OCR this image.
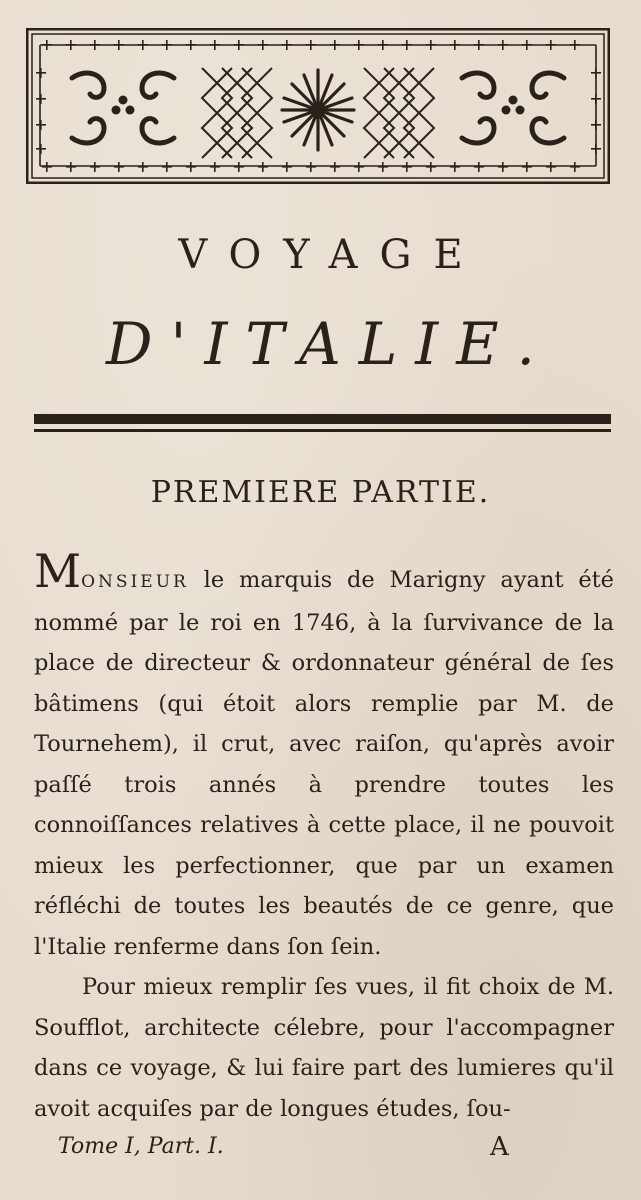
VOYAGE
D'ITALIE.
PREMIERE PARTIE.

MONSIEUR le marquis de Marigny ayant été nommé par le roi en 1746, à la ſurvivance de la place de directeur & ordonnateur général de ſes bâtimens (qui étoit alors remplie par M. de Tournehem), il crut, avec raiſon, qu'après avoir paſſé trois annés à prendre toutes les connoiſſances relatives à cette place, il ne pouvoit mieux les perfectionner, que par un examen réfléchi de toutes les beautés de ce genre, que l'Italie renferme dans ſon ſein.

Pour mieux remplir ſes vues, il fit choix de M. Soufflot, architecte célebre, pour l'accompagner dans ce voyage, & lui faire part des lumieres qu'il avoit acquiſes par de longues études, ſou-

Tome I, Part. I.	A
